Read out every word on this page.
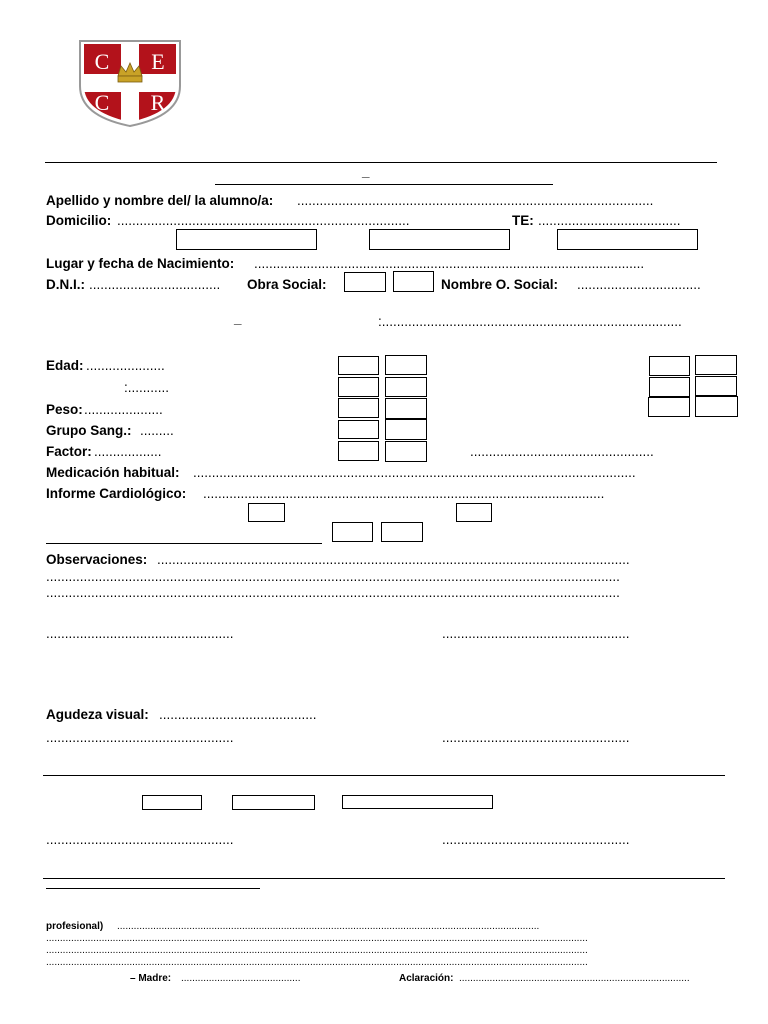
C E
C R
_
Apellido y nombre del/ la alumno/a: ...............................................................................................
Domicilio: ..............................................................................	TE: ......................................
Lugar y fecha de Nacimiento: ........................................................................................................
D.N.I.: ................................... Obra Social:	Nombre O. Social: .................................
_	:................................................................................
Edad: .....................
:...........
Peso: .....................
Grupo Sang.: .........
Factor: ..................	.................................................
Medicación habitual: ......................................................................................................................
Informe Cardiológico: ...........................................................................................................
Observaciones: ..............................................................................................................................
.........................................................................................................................................................
.........................................................................................................................................................
..................................................	..................................................
Agudeza visual: ..........................................
..................................................	..................................................
..................................................	..................................................
profesional) ........................................................................................................................................................
...................................................................................................................................................................................................
...................................................................................................................................................................................................
...................................................................................................................................................................................................
– Madre: ...........................................	Aclaración: ...................................................................................
